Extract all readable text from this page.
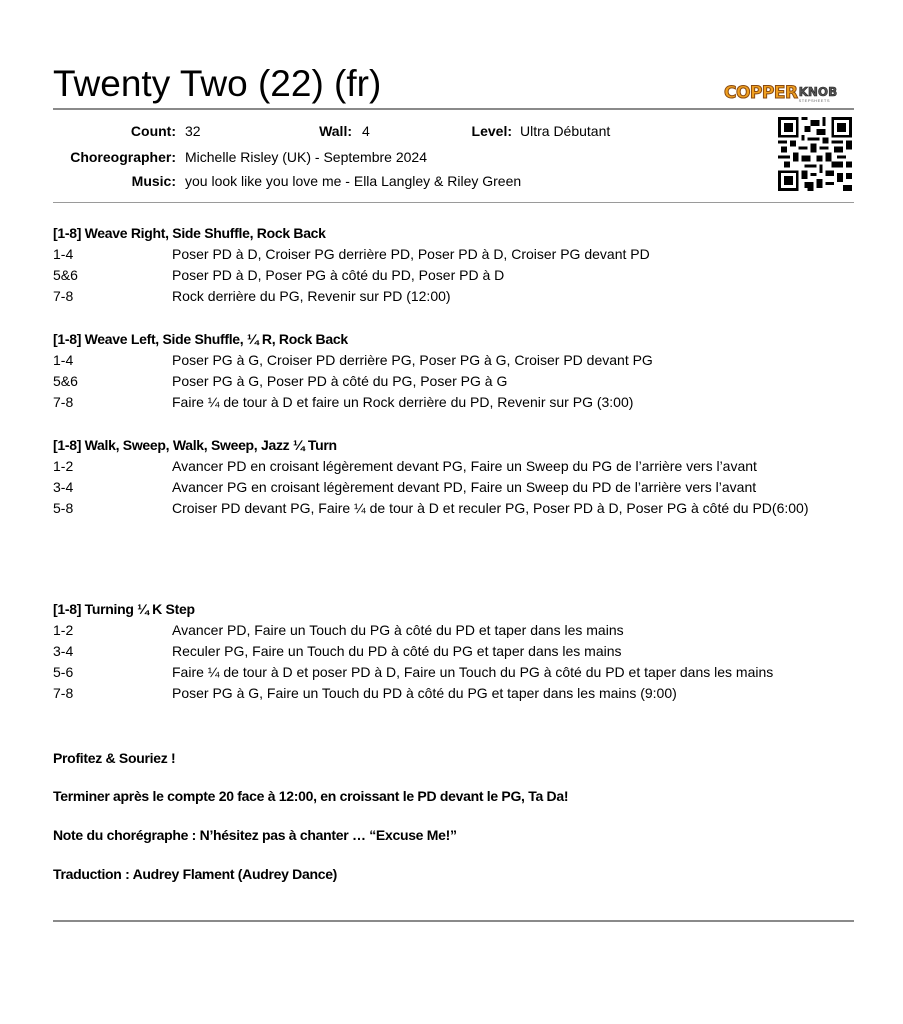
Twenty Two (22) (fr)	COPPER KNOB
STEPSHEETS
Count: 32	Wall: 4	Level: Ultra Débutant
Choreographer: Michelle Risley (UK) - Septembre 2024
Music: you look like you love me - Ella Langley & Riley Green
[1-8] Weave Right, Side Shuffle, Rock Back
1-4	Poser PD à D, Croiser PG derrière PD, Poser PD à D, Croiser PG devant PD
5&6	Poser PD à D, Poser PG à côté du PD, Poser PD à D
7-8	Rock derrière du PG, Revenir sur PD (12:00)
[1-8] Weave Left, Side Shuffle, ¼ R, Rock Back
1-4	Poser PG à G, Croiser PD derrière PG, Poser PG à G, Croiser PD devant PG
5&6	Poser PG à G, Poser PD à côté du PG, Poser PG à G
7-8	Faire ¼ de tour à D et faire un Rock derrière du PD, Revenir sur PG (3:00)
[1-8] Walk, Sweep, Walk, Sweep, Jazz ¼ Turn
1-2	Avancer PD en croisant légèrement devant PG, Faire un Sweep du PG de l’arrière vers l’avant
3-4	Avancer PG en croisant légèrement devant PD, Faire un Sweep du PD de l’arrière vers l’avant
5-8	Croiser PD devant PG, Faire ¼ de tour à D et reculer PG, Poser PD à D, Poser PG à côté du PD(6:00)
[1-8] Turning ¼ K Step
1-2	Avancer PD, Faire un Touch du PG à côté du PD et taper dans les mains
3-4	Reculer PG, Faire un Touch du PD à côté du PG et taper dans les mains
5-6	Faire ¼ de tour à D et poser PD à D, Faire un Touch du PG à côté du PD et taper dans les mains
7-8	Poser PG à G, Faire un Touch du PD à côté du PG et taper dans les mains (9:00)
Profitez & Souriez !
Terminer après le compte 20 face à 12:00, en croissant le PD devant le PG, Ta Da!
Note du chorégraphe : N’hésitez pas à chanter … “Excuse Me!”
Traduction : Audrey Flament (Audrey Dance)
